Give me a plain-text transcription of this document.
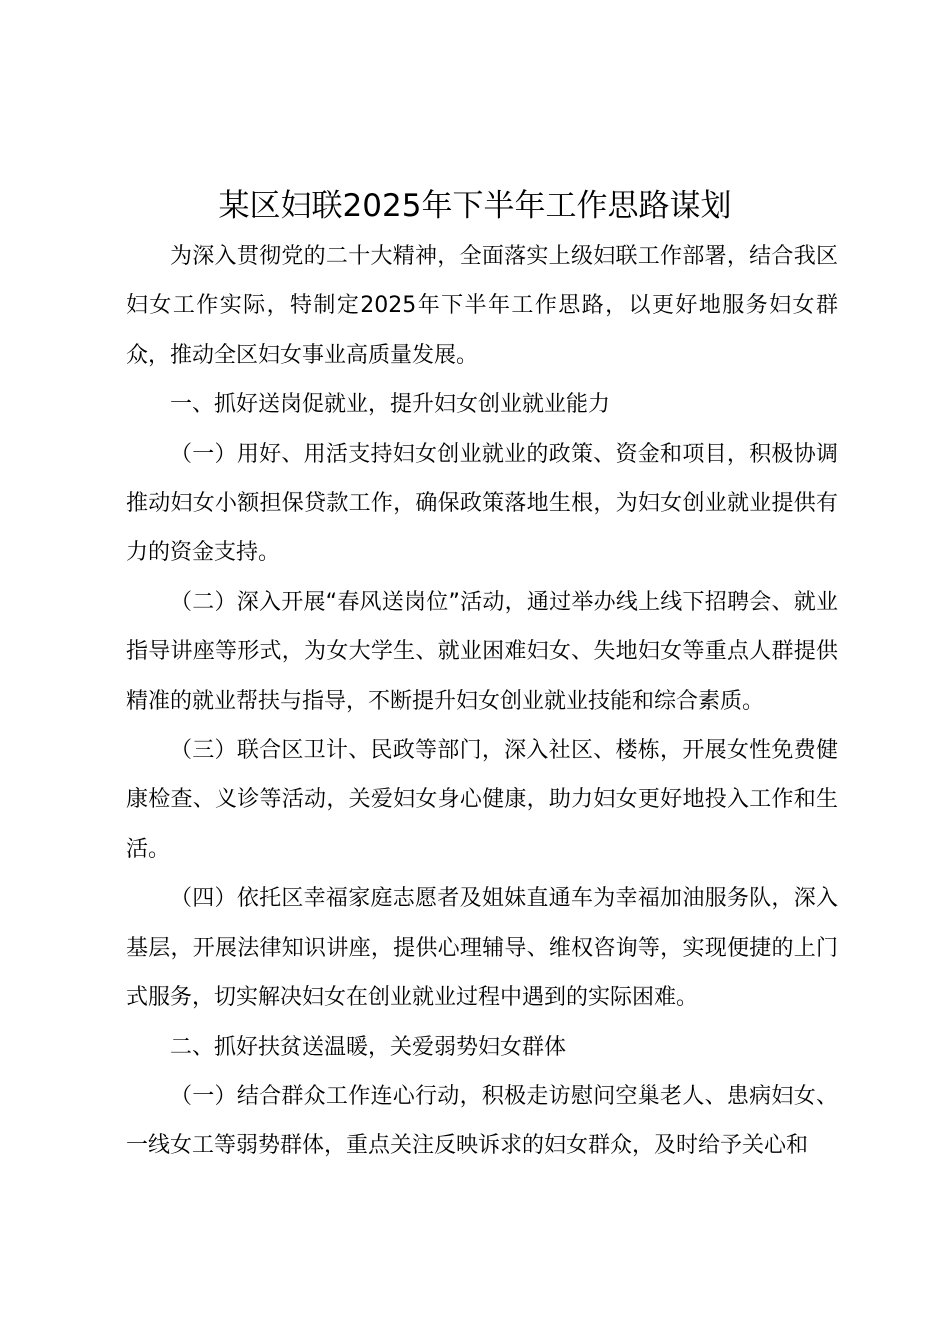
某区妇联2025年下半年工作思路谋划

为深入贯彻党的二十大精神，全面落实上级妇联工作部署，结合我区妇女工作实际，特制定2025年下半年工作思路，以更好地服务妇女群众，推动全区妇女事业高质量发展。

一、抓好送岗促就业，提升妇女创业就业能力

（一）用好、用活支持妇女创业就业的政策、资金和项目，积极协调推动妇女小额担保贷款工作，确保政策落地生根，为妇女创业就业提供有力的资金支持。

（二）深入开展“春风送岗位”活动，通过举办线上线下招聘会、就业指导讲座等形式，为女大学生、就业困难妇女、失地妇女等重点人群提供精准的就业帮扶与指导，不断提升妇女创业就业技能和综合素质。

（三）联合区卫计、民政等部门，深入社区、楼栋，开展女性免费健康检查、义诊等活动，关爱妇女身心健康，助力妇女更好地投入工作和生活。

（四）依托区幸福家庭志愿者及姐妹直通车为幸福加油服务队，深入基层，开展法律知识讲座，提供心理辅导、维权咨询等，实现便捷的上门式服务，切实解决妇女在创业就业过程中遇到的实际困难。

二、抓好扶贫送温暖，关爱弱势妇女群体

（一）结合群众工作连心行动，积极走访慰问空巢老人、患病妇女、一线女工等弱势群体，重点关注反映诉求的妇女群众，及时给予关心和
